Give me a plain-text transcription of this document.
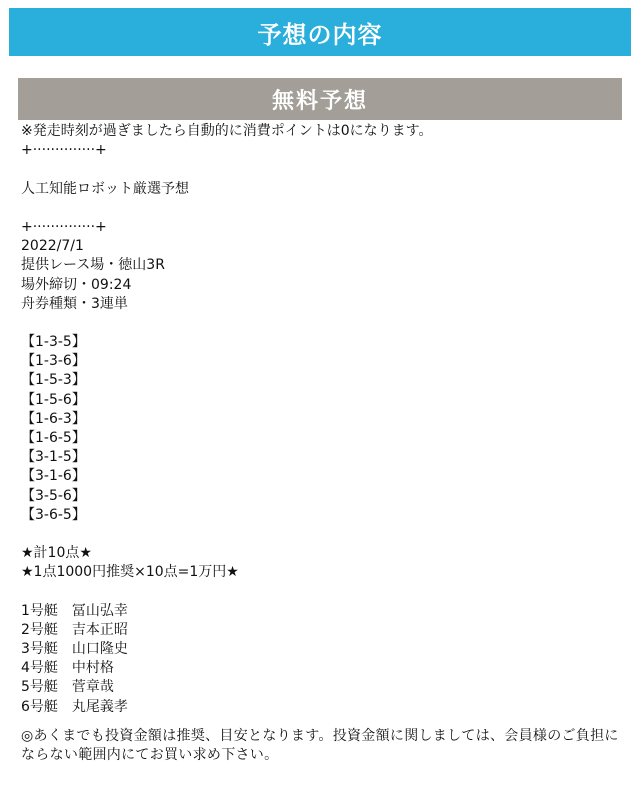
予想の内容
無料予想
※発走時刻が過ぎましたら自動的に消費ポイントは0になります。
+··············+
人工知能ロボット厳選予想
+··············+
2022/7/1
提供レース場・徳山3R
場外締切・09:24
舟券種類・3連単
【1-3-5】
【1-3-6】
【1-5-3】
【1-5-6】
【1-6-3】
【1-6-5】
【3-1-5】
【3-1-6】
【3-5-6】
【3-6-5】
★計10点★
★1点1000円推奨×10点=1万円★
1号艇　冨山弘幸
2号艇　吉本正昭
3号艇　山口隆史
4号艇　中村格
5号艇　菅章哉
6号艇　丸尾義孝
◎あくまでも投資金額は推奨、目安となります。投資金額に関しましては、会員様のご負担にならない範囲内にてお買い求め下さい。
